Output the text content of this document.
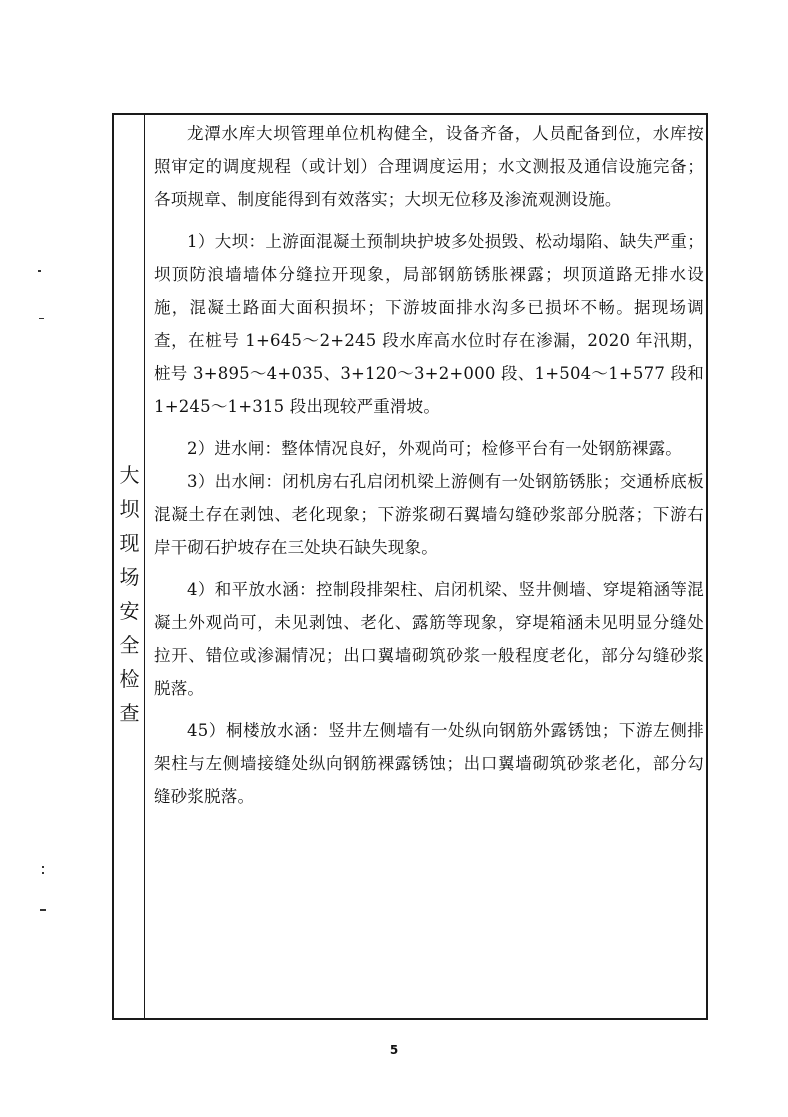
大
坝
现
场
安
全
检
查

龙潭水库大坝管理单位机构健全，设备齐备，人员配备到位，水库按照审定的调度规程（或计划）合理调度运用；水文测报及通信设施完备；各项规章、制度能得到有效落实；大坝无位移及渗流观测设施。

1）大坝：上游面混凝土预制块护坡多处损毁、松动塌陷、缺失严重；坝顶防浪墙墙体分缝拉开现象，局部钢筋锈胀裸露；坝顶道路无排水设施，混凝土路面大面积损坏；下游坡面排水沟多已损坏不畅。据现场调查，在桩号 1+645～2+245 段水库高水位时存在渗漏，2020 年汛期，桩号 3+895～4+035、3+120～3+2+000 段、1+504～1+577 段和 1+245～1+315 段出现较严重滑坡。

2）进水闸：整体情况良好，外观尚可；检修平台有一处钢筋裸露。

3）出水闸：闭机房右孔启闭机梁上游侧有一处钢筋锈胀；交通桥底板混凝土存在剥蚀、老化现象；下游浆砌石翼墙勾缝砂浆部分脱落；下游右岸干砌石护坡存在三处块石缺失现象。

4）和平放水涵：控制段排架柱、启闭机梁、竖井侧墙、穿堤箱涵等混凝土外观尚可，未见剥蚀、老化、露筋等现象，穿堤箱涵未见明显分缝处拉开、错位或渗漏情况；出口翼墙砌筑砂浆一般程度老化，部分勾缝砂浆脱落。

45）桐楼放水涵：竖井左侧墙有一处纵向钢筋外露锈蚀；下游左侧排架柱与左侧墙接缝处纵向钢筋裸露锈蚀；出口翼墙砌筑砂浆老化，部分勾缝砂浆脱落。

5
